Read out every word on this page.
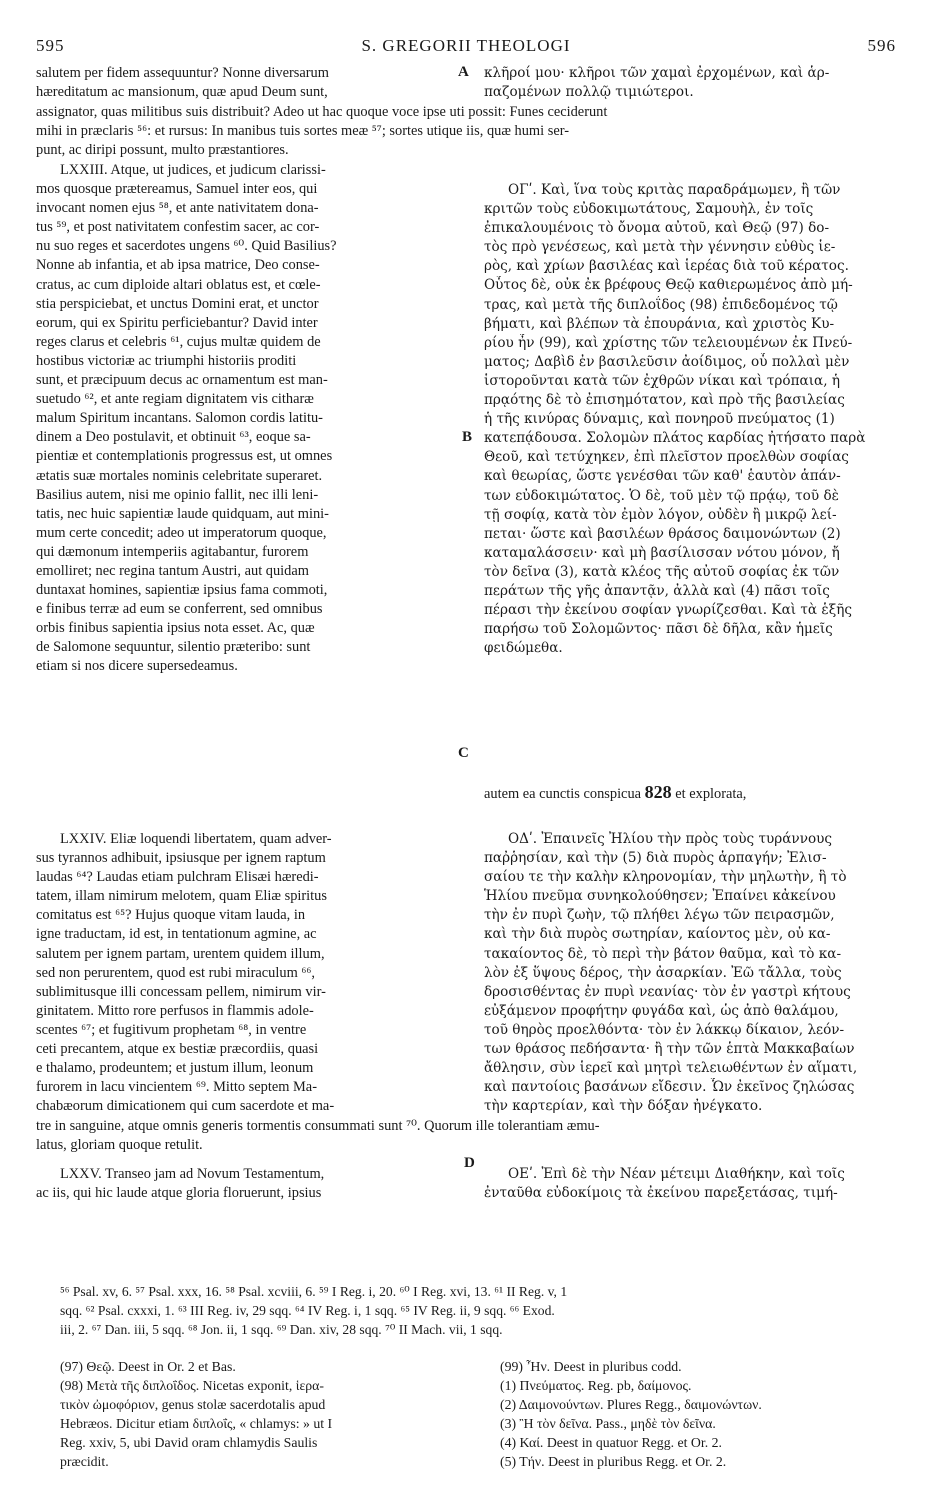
595	S. GREGORII THEOLOGI	596
salutem per fidem assequuntur? Nonne diversarum
hæreditatum ac mansionum, quæ apud Deum sunt,
A κλῆροί μου· κλῆροι τῶν χαμαὶ ἐρχομένων, καὶ ἁρ-
παζομένων πολλῷ τιμιώτεροι.
assignator, quas militibus suis distribuit? Adeo ut hac quoque voce ipse uti possit: Funes ceciderunt
mihi in præclaris ⁵⁶: et rursus: In manibus tuis sortes meæ ⁵⁷; sortes utique iis, quæ humi ser-
punt, ac diripi possunt, multo præstantiores.
LXXIII. Atque, ut judices, et judicum clarissi-
mos quosque prætereamus, Samuel inter eos, qui
invocant nomen ejus ⁵⁸, et ante nativitatem dona-
tus ⁵⁹, et post nativitatem confestim sacer, ac cor-
nu suo reges et sacerdotes ungens ⁶⁰. Quid Basilius?
Nonne ab infantia, et ab ipsa matrice, Deo conse-
cratus, ac cum diploide altari oblatus est, et cœle-
stia perspiciebat, et unctus Domini erat, et unctor
eorum, qui ex Spiritu perficiebantur? David inter
reges clarus et celebris ⁶¹, cujus multæ quidem de
hostibus victoriæ ac triumphi historiis proditi
sunt, et præcipuum decus ac ornamentum est man-
suetudo ⁶², et ante regiam dignitatem vis citharæ
malum Spiritum incantans. Salomon cordis latitu-
dinem a Deo postulavit, et obtinuit ⁶³, eoque sa-
pientiæ et contemplationis progressus est, ut omnes
ætatis suæ mortales nominis celebritate superaret.
Basilius autem, nisi me opinio fallit, nec illi leni-
tatis, nec huic sapientiæ laude quidquam, aut mini-
mum certe concedit; adeo ut imperatorum quoque,
qui dæmonum intemperiis agitabantur, furorem
emolliret; nec regina tantum Austri, aut quidam
duntaxat homines, sapientiæ ipsius fama commoti,
e finibus terræ ad eum se conferrent, sed omnibus
orbis finibus sapientia ipsius nota esset. Ac, quæ
de Salomone sequuntur, silentio præteribo: sunt
etiam si nos dicere supersedeamus.
B
C
ΟΓʹ. Καὶ, ἵνα τοὺς κριτὰς παραδράμωμεν, ἢ τῶν
κριτῶν τοὺς εὐδοκιμωτάτους, Σαμουὴλ, ἐν τοῖς
ἐπικαλουμένοις τὸ ὄνομα αὐτοῦ, καὶ Θεῷ (97) δο-
τὸς πρὸ γενέσεως, καὶ μετὰ τὴν γέννησιν εὐθὺς ἱε-
ρὸς, καὶ χρίων βασιλέας καὶ ἱερέας διὰ τοῦ κέρατος.
Οὗτος δὲ, οὐκ ἐκ βρέφους Θεῷ καθιερωμένος ἀπὸ μή-
τρας, καὶ μετὰ τῆς διπλοΐδος (98) ἐπιδεδομένος τῷ
βήματι, καὶ βλέπων τὰ ἐπουράνια, καὶ χριστὸς Κυ-
ρίου ἦν (99), καὶ χρίστης τῶν τελειουμένων ἐκ Πνεύ-
ματος; Δαβὶδ ἐν βασιλεῦσιν ἀοίδιμος, οὗ πολλαὶ μὲν
ἱστοροῦνται κατὰ τῶν ἐχθρῶν νίκαι καὶ τρόπαια, ἡ
πρᾳότης δὲ τὸ ἐπισημότατον, καὶ πρὸ τῆς βασιλείας
ἡ τῆς κινύρας δύναμις, καὶ πονηροῦ πνεύματος (1)
κατεπᾴδουσα. Σολομὼν πλάτος καρδίας ἠτήσατο παρὰ
Θεοῦ, καὶ τετύχηκεν, ἐπὶ πλεῖστον προελθὼν σοφίας
καὶ θεωρίας, ὥστε γενέσθαι τῶν καθ' ἑαυτὸν ἁπάν-
των εὐδοκιμώτατος. Ὁ δὲ, τοῦ μὲν τῷ πρᾴῳ, τοῦ δὲ
τῇ σοφίᾳ, κατὰ τὸν ἐμὸν λόγον, οὐδὲν ἢ μικρῷ λεί-
πεται· ὥστε καὶ βασιλέων θράσος δαιμονώντων (2)
καταμαλάσσειν· καὶ μὴ βασίλισσαν νότου μόνον, ἤ
τὸν δεῖνα (3), κατὰ κλέος τῆς αὐτοῦ σοφίας ἐκ τῶν
περάτων τῆς γῆς ἀπαντᾷν, ἀλλὰ καὶ (4) πᾶσι τοῖς
πέρασι τὴν ἐκείνου σοφίαν γνωρίζεσθαι. Καὶ τὰ ἑξῆς
παρήσω τοῦ Σολομῶντος· πᾶσι δὲ δῆλα, κἂν ἡμεῖς
φειδώμεθα.
autem ea cunctis conspicua 828 et explorata,
LXXIV. Eliæ loquendi libertatem, quam adver-
sus tyrannos adhibuit, ipsiusque per ignem raptum
laudas ⁶⁴? Laudas etiam pulchram Elisæi hæredi-
tatem, illam nimirum melotem, quam Eliæ spiritus
comitatus est ⁶⁵? Hujus quoque vitam lauda, in
igne traductam, id est, in tentationum agmine, ac
salutem per ignem partam, urentem quidem illum,
sed non perurentem, quod est rubi miraculum ⁶⁶,
sublimitusque illi concessam pellem, nimirum vir-
ginitatem. Mitto rore perfusos in flammis adole-
scentes ⁶⁷; et fugitivum prophetam ⁶⁸, in ventre
ceti precantem, atque ex bestiæ præcordiis, quasi
e thalamo, prodeuntem; et justum illum, leonum
furorem in lacu vincientem ⁶⁹. Mitto septem Ma-
chabæorum dimicationem qui cum sacerdote et ma-
D
ΟΔʹ. Ἐπαινεῖς Ἠλίου τὴν πρὸς τοὺς τυράννους
παῤῥησίαν, καὶ τὴν (5) διὰ πυρὸς ἁρπαγήν; Ἐλισ-
σαίου τε τὴν καλὴν κληρονομίαν, τὴν μηλωτὴν, ἣ τὸ
Ἡλίου πνεῦμα συνηκολούθησεν; Ἐπαίνει κἀκείνου
τὴν ἐν πυρὶ ζωὴν, τῷ πλήθει λέγω τῶν πειρασμῶν,
καὶ τὴν διὰ πυρὸς σωτηρίαν, καίοντος μὲν, οὐ κα-
τακαίοντος δὲ, τὸ περὶ τὴν βάτον θαῦμα, καὶ τὸ κα-
λὸν ἐξ ὕψους δέρος, τὴν ἀσαρκίαν. Ἐῶ τἄλλα, τοὺς
δροσισθέντας ἐν πυρὶ νεανίας· τὸν ἐν γαστρὶ κήτους
εὐξάμενον προφήτην φυγάδα καὶ, ὡς ἀπὸ θαλάμου,
τοῦ θηρὸς προελθόντα· τὸν ἐν λάκκῳ δίκαιον, λεόν-
των θράσος πεδήσαντα· ἢ τὴν τῶν ἑπτὰ Μακκαβαίων
ἄθλησιν, σὺν ἱερεῖ καὶ μητρὶ τελειωθέντων ἐν αἵματι,
καὶ παντοίοις βασάνων εἴδεσιν. Ὧν ἐκεῖνος ζηλώσας
τὴν καρτερίαν, καὶ τὴν δόξαν ἠνέγκατο.
tre in sanguine, atque omnis generis tormentis consummati sunt ⁷⁰. Quorum ille tolerantiam æmu-
latus, gloriam quoque retulit.
LXXV. Transeo jam ad Novum Testamentum,
ac iis, qui hic laude atque gloria floruerunt, ipsius
ΟΕʹ. Ἐπὶ δὲ τὴν Νέαν μέτειμι Διαθήκην, καὶ τοῖς
ἐνταῦθα εὐδοκίμοις τὰ ἐκείνου παρεξετάσας, τιμή-
⁵⁶ Psal. xv, 6. ⁵⁷ Psal. xxx, 16. ⁵⁸ Psal. xcviii, 6. ⁵⁹ I Reg. i, 20. ⁶⁰ I Reg. xvi, 13. ⁶¹ II Reg. v, 1
sqq. ⁶² Psal. cxxxi, 1. ⁶³ III Reg. iv, 29 sqq. ⁶⁴ IV Reg. i, 1 sqq. ⁶⁵ IV Reg. ii, 9 sqq. ⁶⁶ Exod.
iii, 2. ⁶⁷ Dan. iii, 5 sqq. ⁶⁸ Jon. ii, 1 sqq. ⁶⁹ Dan. xiv, 28 sqq. ⁷⁰ II Mach. vii, 1 sqq.
(97) Θεῷ. Deest in Or. 2 et Bas.
(98) Μετὰ τῆς διπλοΐδος. Nicetas exponit, ἱερα-
τικὸν ὠμοφόριον, genus stolæ sacerdotalis apud
Hebræos. Dicitur etiam διπλοΐς, « chlamys: » ut I
Reg. xxiv, 5, ubi David oram chlamydis Saulis
præcidit.
(99) Ἦν. Deest in pluribus codd.
(1) Πνεύματος. Reg. pb, δαίμονος.
(2) Δαιμονούντων. Plures Regg., δαιμονώντων.
(3) Ἢ τὸν δεῖνα. Pass., μηδὲ τὸν δεῖνα.
(4) Καί. Deest in quatuor Regg. et Or. 2.
(5) Τήν. Deest in pluribus Regg. et Or. 2.
